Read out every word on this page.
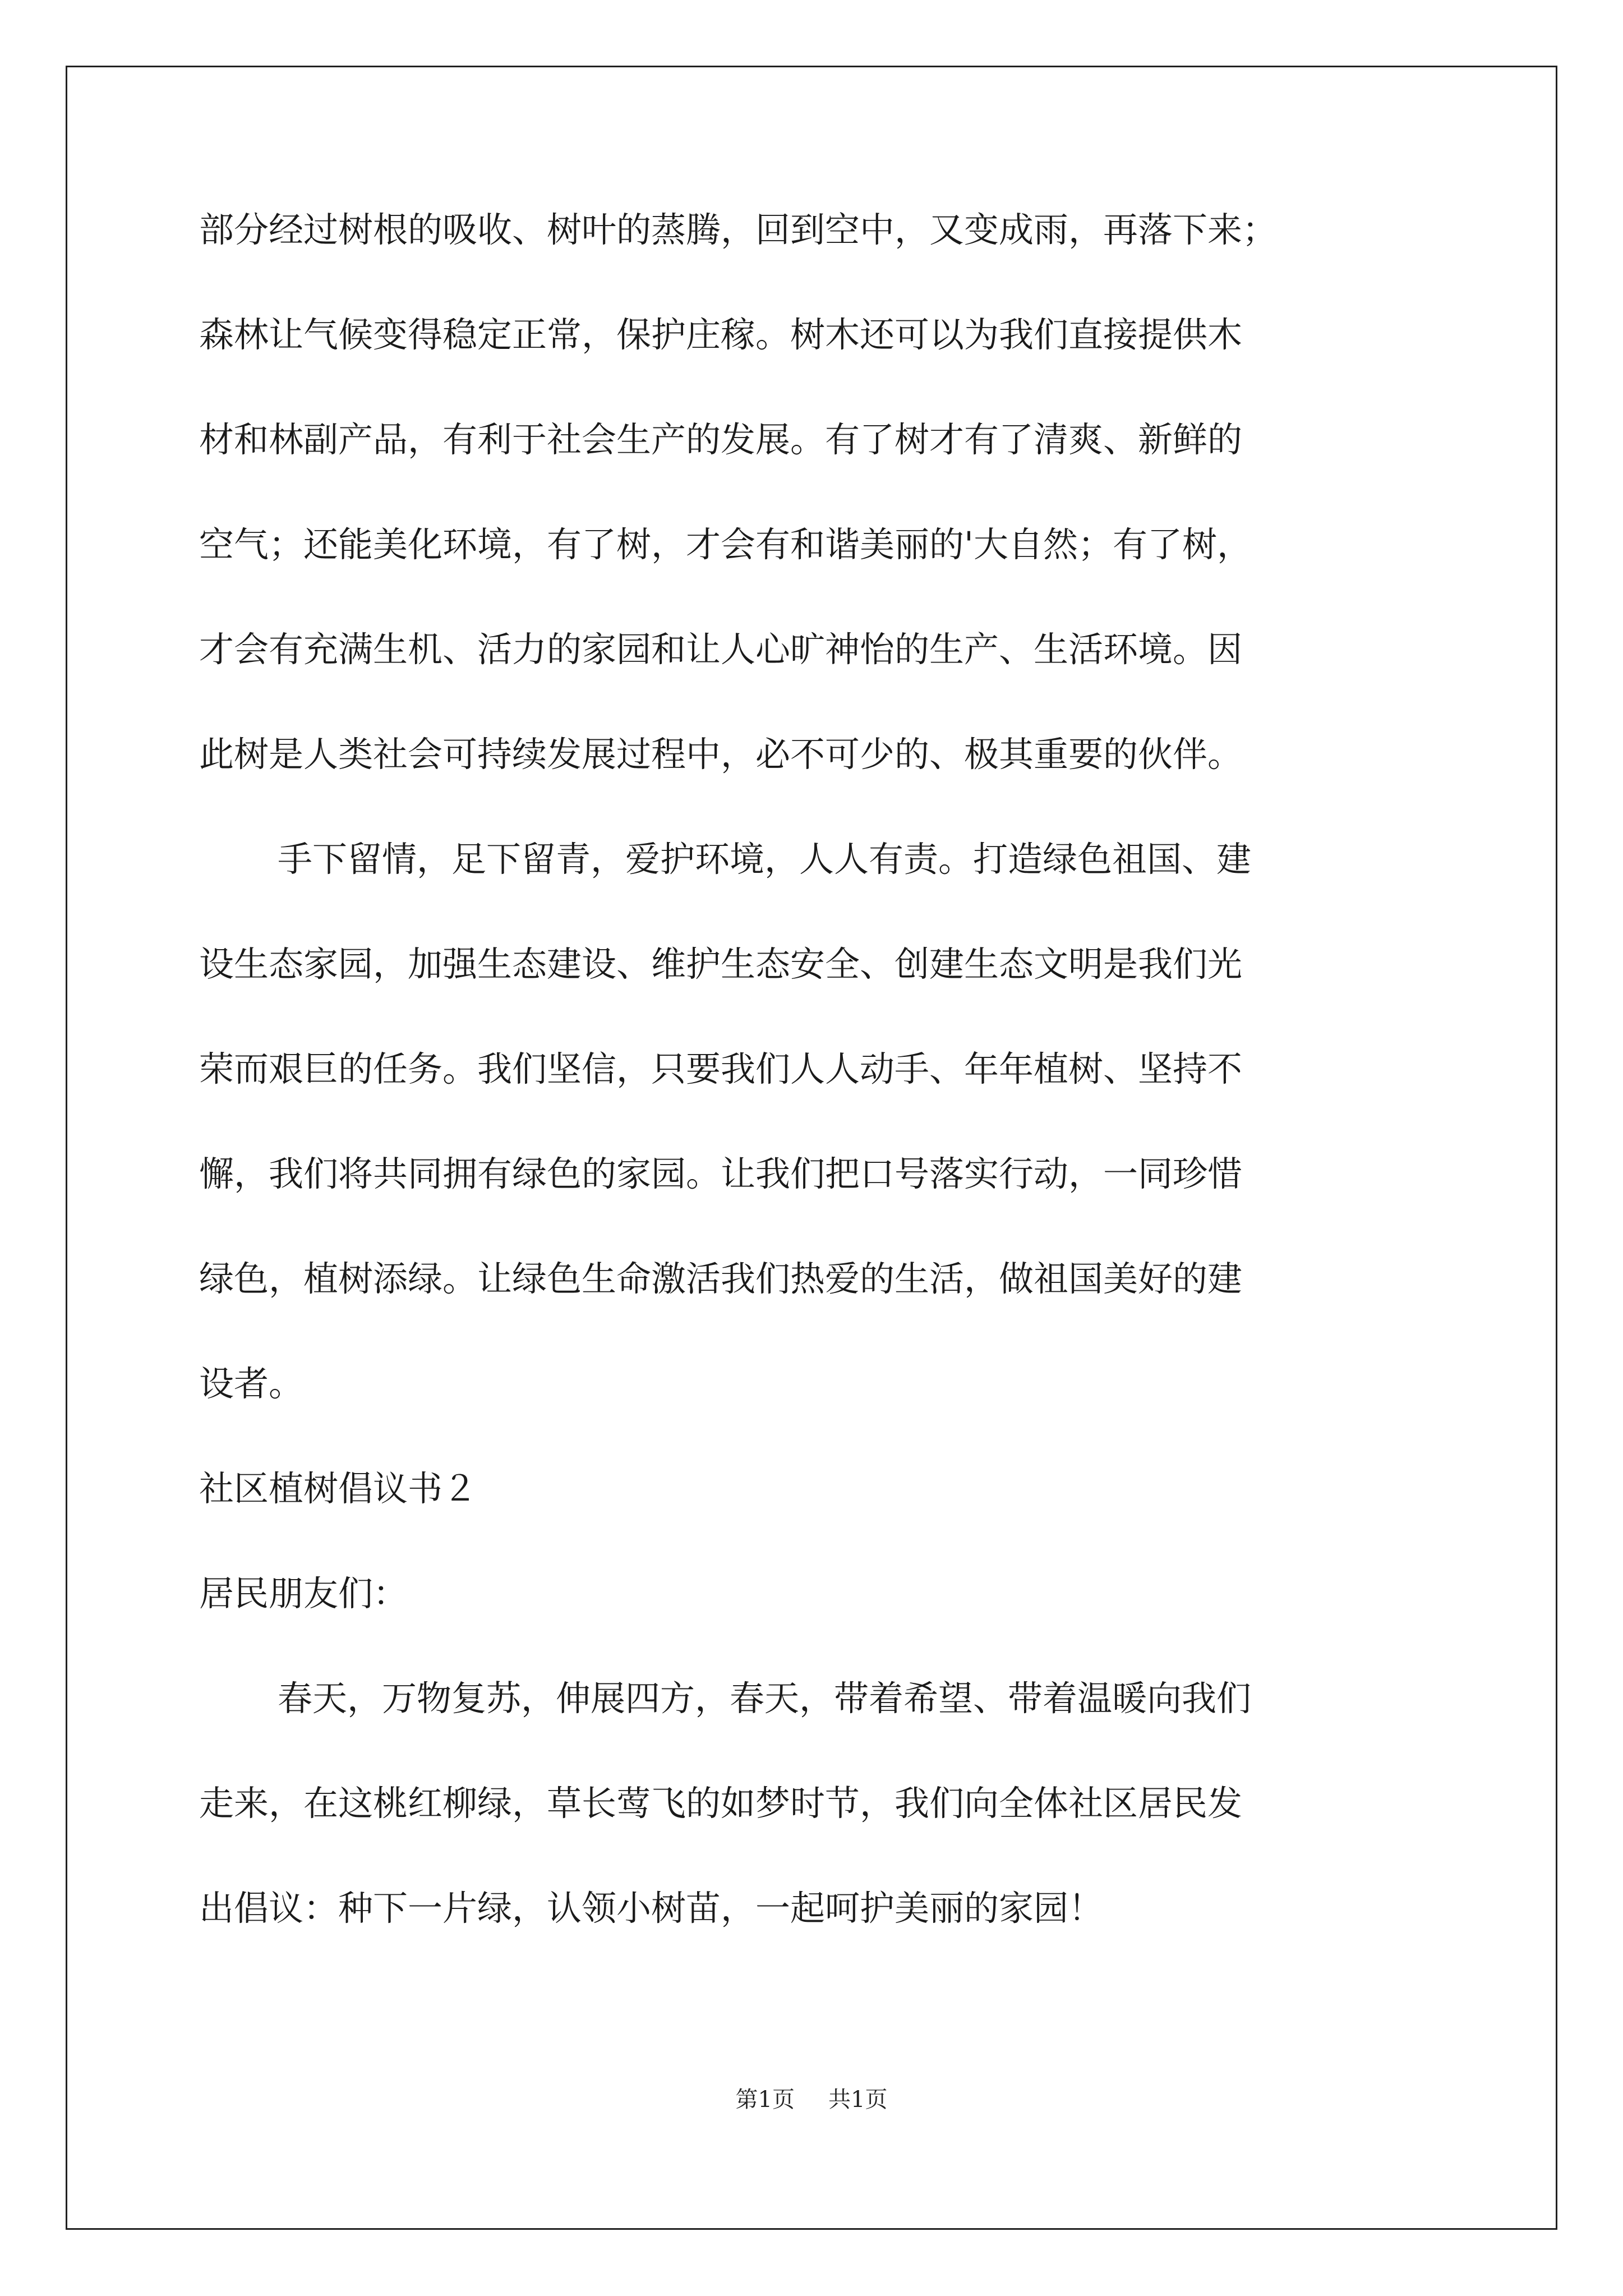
部分经过树根的吸收、树叶的蒸腾，回到空中，又变成雨，再落下来；
森林让气候变得稳定正常，保护庄稼。树木还可以为我们直接提供木
材和林副产品，有利于社会生产的发展。有了树才有了清爽、新鲜的
空气；还能美化环境，有了树，才会有和谐美丽的'大自然；有了树，
才会有充满生机、活力的家园和让人心旷神怡的生产、生活环境。因
此树是人类社会可持续发展过程中，必不可少的、极其重要的伙伴。
手下留情，足下留青，爱护环境，人人有责。打造绿色祖国、建
设生态家园，加强生态建设、维护生态安全、创建生态文明是我们光
荣而艰巨的任务。我们坚信，只要我们人人动手、年年植树、坚持不
懈，我们将共同拥有绿色的家园。让我们把口号落实行动，一同珍惜
绿色，植树添绿。让绿色生命激活我们热爱的生活，做祖国美好的建
设者。
社区植树倡议书２
居民朋友们：
春天，万物复苏，伸展四方，春天，带着希望、带着温暖向我们
走来，在这桃红柳绿，草长莺飞的如梦时节，我们向全体社区居民发
出倡议：种下一片绿，认领小树苗，一起呵护美丽的家园！
第1页 共1页
